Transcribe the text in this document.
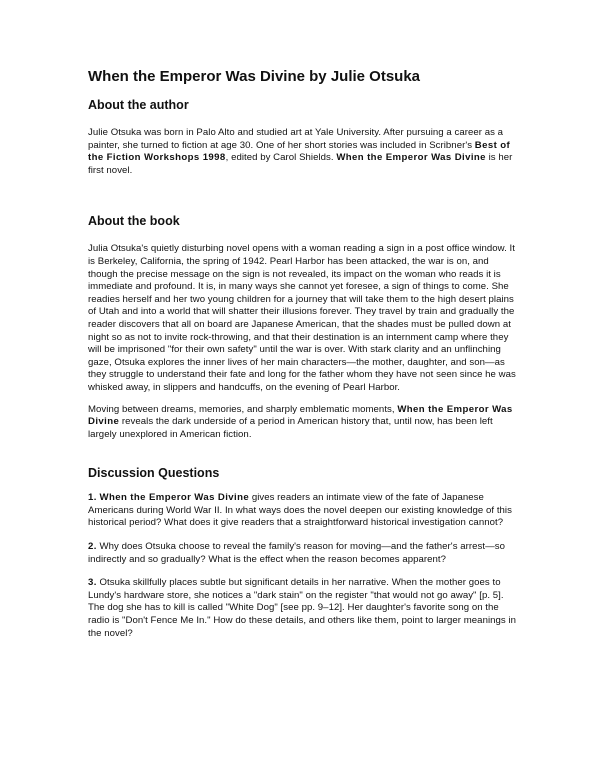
When the Emperor Was Divine by Julie Otsuka
About the author

Julie Otsuka was born in Palo Alto and studied art at Yale University. After pursuing a career as a painter, she turned to fiction at age 30. One of her short stories was included in Scribner's Best of the Fiction Workshops 1998, edited by Carol Shields. When the Emperor Was Divine is her first novel.

About the book

Julia Otsuka's quietly disturbing novel opens with a woman reading a sign in a post office window. It is Berkeley, California, the spring of 1942. Pearl Harbor has been attacked, the war is on, and though the precise message on the sign is not revealed, its impact on the woman who reads it is immediate and profound. It is, in many ways she cannot yet foresee, a sign of things to come. She readies herself and her two young children for a journey that will take them to the high desert plains of Utah and into a world that will shatter their illusions forever. They travel by train and gradually the reader discovers that all on board are Japanese American, that the shades must be pulled down at night so as not to invite rock-throwing, and that their destination is an internment camp where they will be imprisoned "for their own safety" until the war is over. With stark clarity and an unflinching gaze, Otsuka explores the inner lives of her main characters—the mother, daughter, and son—as they struggle to understand their fate and long for the father whom they have not seen since he was whisked away, in slippers and handcuffs, on the evening of Pearl Harbor.

Moving between dreams, memories, and sharply emblematic moments, When the Emperor Was Divine reveals the dark underside of a period in American history that, until now, has been left largely unexplored in American fiction.

Discussion Questions

1. When the Emperor Was Divine gives readers an intimate view of the fate of Japanese Americans during World War II. In what ways does the novel deepen our existing knowledge of this historical period? What does it give readers that a straightforward historical investigation cannot?

2. Why does Otsuka choose to reveal the family's reason for moving—and the father's arrest—so indirectly and so gradually? What is the effect when the reason becomes apparent?

3. Otsuka skillfully places subtle but significant details in her narrative. When the mother goes to Lundy's hardware store, she notices a "dark stain" on the register "that would not go away" [p. 5]. The dog she has to kill is called "White Dog" [see pp. 9–12]. Her daughter's favorite song on the radio is "Don't Fence Me In." How do these details, and others like them, point to larger meanings in the novel?
